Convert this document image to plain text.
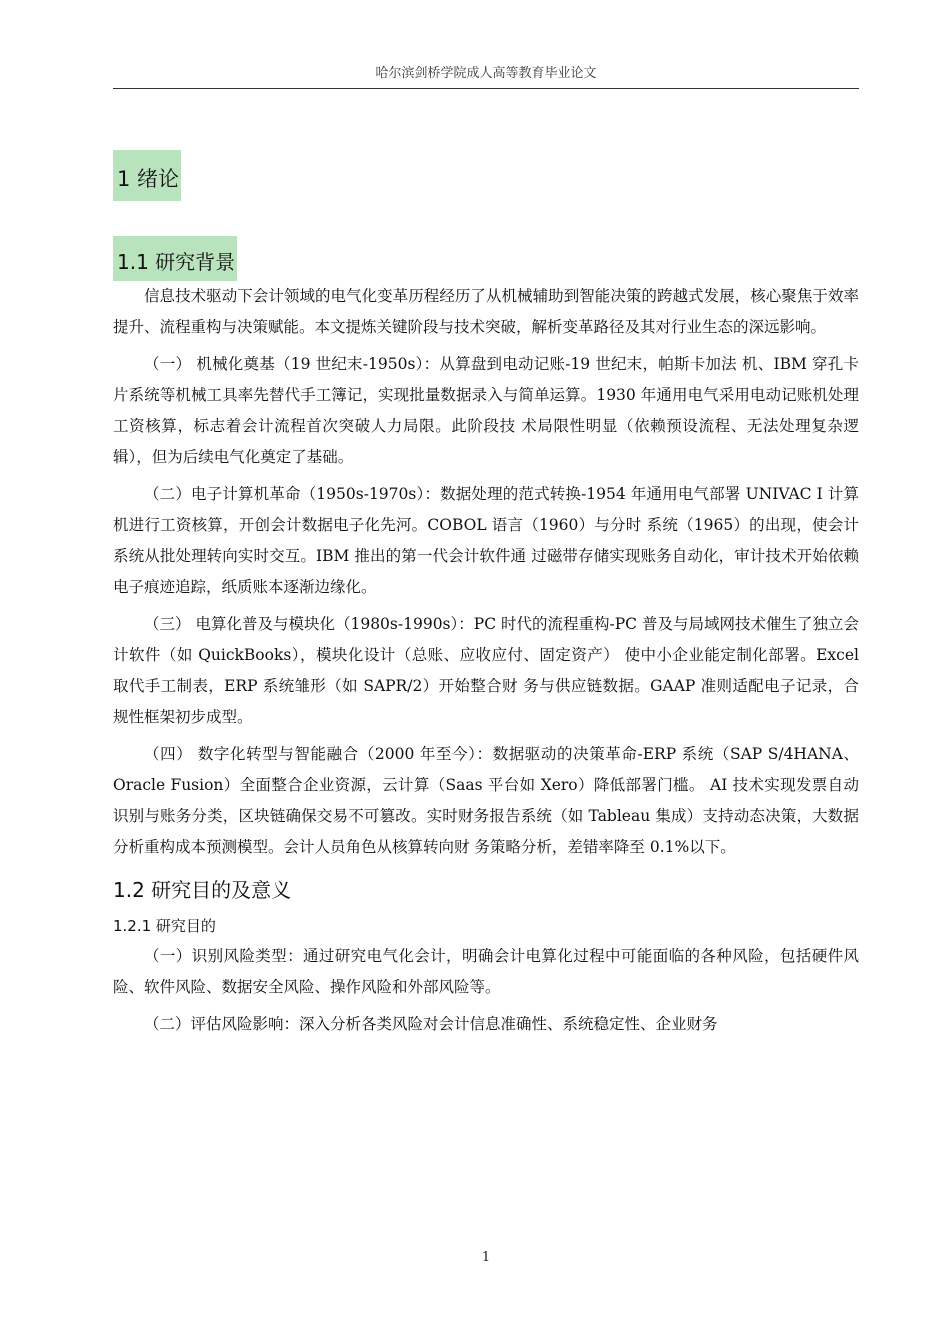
哈尔滨剑桥学院成人高等教育毕业论文
1 绪论
1.1 研究背景

信息技术驱动下会计领域的电气化变革历程经历了从机械辅助到智能决策的跨越式发展，核心聚焦于效率提升、流程重构与决策赋能。本文提炼关键阶段与技术突破，解析变革路径及其对行业生态的深远影响。

（一） 机械化奠基（19 世纪末-1950s）：从算盘到电动记账-19 世纪末，帕斯卡加法 机、IBM 穿孔卡片系统等机械工具率先替代手工簿记，实现批量数据录入与简单运算。1930 年通用电气采用电动记账机处理工资核算，标志着会计流程首次突破人力局限。此阶段技 术局限性明显（依赖预设流程、无法处理复杂逻辑），但为后续电气化奠定了基础。

（二）电子计算机革命（1950s-1970s）：数据处理的范式转换-1954 年通用电气部署 UNIVAC I 计算机进行工资核算，开创会计数据电子化先河。COBOL 语言（1960）与分时 系统（1965）的出现，使会计系统从批处理转向实时交互。IBM 推出的第一代会计软件通 过磁带存储实现账务自动化，审计技术开始依赖电子痕迹追踪，纸质账本逐渐边缘化。

（三） 电算化普及与模块化（1980s-1990s）：PC 时代的流程重构-PC 普及与局域网技术催生了独立会计软件（如 QuickBooks），模块化设计（总账、应收应付、固定资产） 使中小企业能定制化部署。Excel 取代手工制表，ERP 系统雏形（如 SAPR/2）开始整合财 务与供应链数据。GAAP 准则适配电子记录，合规性框架初步成型。

（四） 数字化转型与智能融合（2000 年至今）：数据驱动的决策革命-ERP 系统（SAP S/4HANA、Oracle Fusion）全面整合企业资源，云计算（Saas 平台如 Xero）降低部署门槛。 AI 技术实现发票自动识别与账务分类，区块链确保交易不可篡改。实时财务报告系统（如 Tableau 集成）支持动态决策，大数据分析重构成本预测模型。会计人员角色从核算转向财 务策略分析，差错率降至 0.1%以下。

1.2 研究目的及意义
1.2.1 研究目的

（一）识别风险类型：通过研究电气化会计，明确会计电算化过程中可能面临的各种风险，包括硬件风险、软件风险、数据安全风险、操作风险和外部风险等。

（二）评估风险影响：深入分析各类风险对会计信息准确性、系统稳定性、企业财务

1
